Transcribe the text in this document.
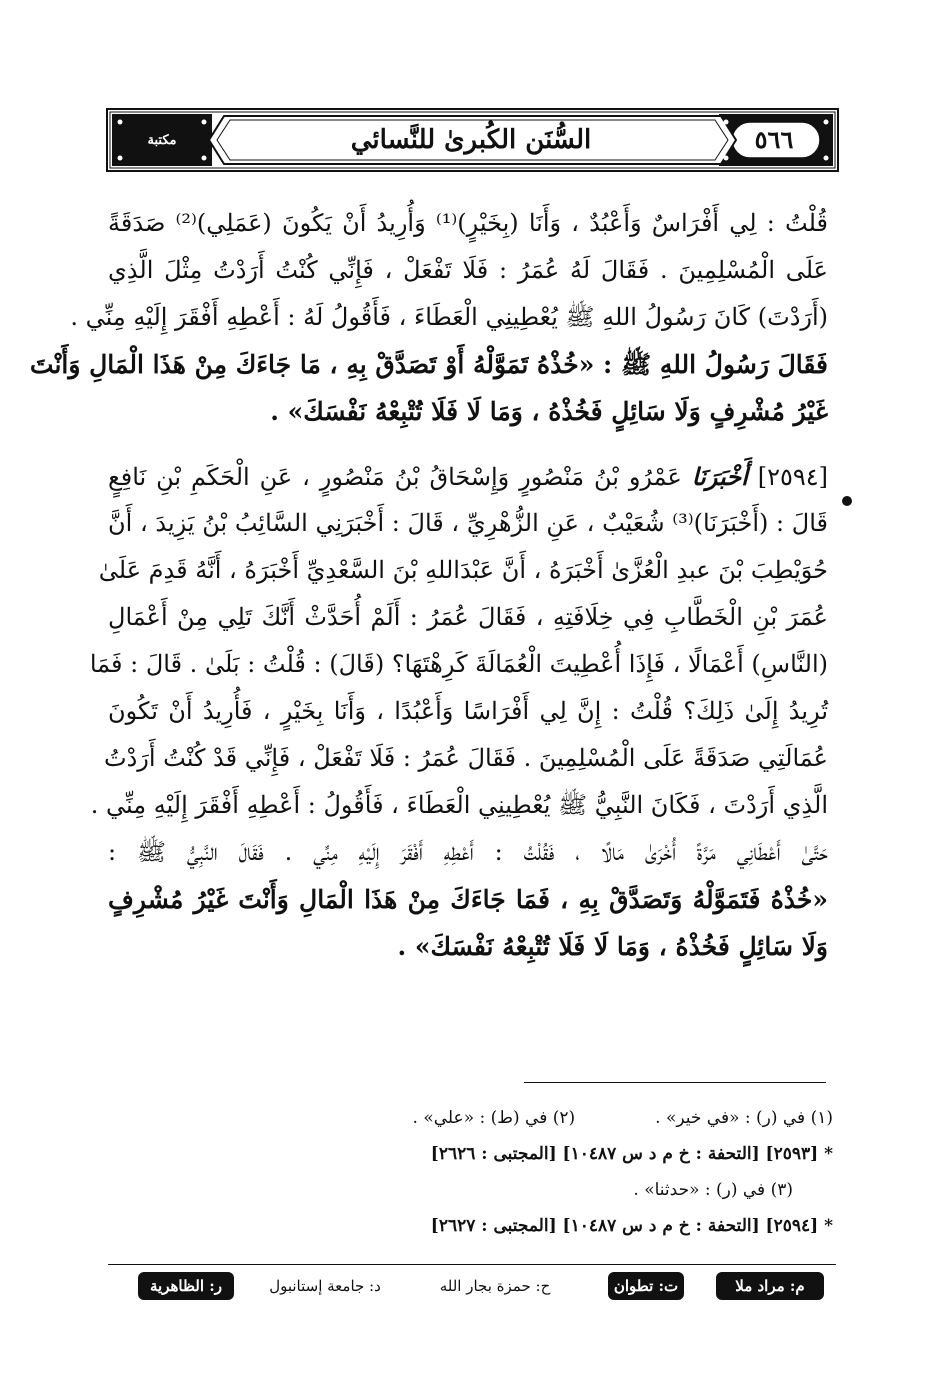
مكتبة	السُّنَن الكُبرىٰ للنَّسائي	٥٦٦
قُلْتُ : لِي أَفْرَاسٌ وَأَعْبُدٌ ، وَأَنَا (بِخَيْرٍ)⁽¹⁾ وَأُرِيدُ أَنْ يَكُونَ (عَمَلِي)⁽²⁾ صَدَقَةً
عَلَى الْمُسْلِمِينَ . فَقَالَ لَهُ عُمَرُ : فَلَا تَفْعَلْ ، فَإِنِّي كُنْتُ أَرَدْتُ مِثْلَ الَّذِي
(أَرَدْتَ) كَانَ رَسُولُ اللهِ ﷺ يُعْطِينِي الْعَطَاءَ ، فَأَقُولُ لَهُ : أَعْطِهِ أَفْقَرَ إِلَيْهِ مِنِّي .
فَقَالَ رَسُولُ اللهِ ﷺ : «خُذْهُ تَمَوَّلْهُ أَوْ تَصَدَّقْ بِهِ ، مَا جَاءَكَ مِنْ هَذَا الْمَالِ وَأَنْتَ
غَيْرُ مُشْرِفٍ وَلَا سَائِلٍ فَخُذْهُ ، وَمَا لَا فَلَا تُتْبِعْهُ نَفْسَكَ» .
[٢٥٩٤] أَخْبَرَنَا عَمْرُو بْنُ مَنْصُورٍ وَإِسْحَاقُ بْنُ مَنْصُورٍ ، عَنِ الْحَكَمِ بْنِ نَافِعٍ
قَالَ : (أَخْبَرَنَا)⁽³⁾ شُعَيْبٌ ، عَنِ الزُّهْرِيِّ ، قَالَ : أَخْبَرَنِي السَّائِبُ بْنُ يَزِيدَ ، أَنَّ
حُوَيْطِبَ بْنَ عبدِ الْعُزَّىٰ أَخْبَرَهُ ، أَنَّ عَبْدَاللهِ بْنَ السَّعْدِيِّ أَخْبَرَهُ ، أَنَّهُ قَدِمَ عَلَىٰ
عُمَرَ بْنِ الْخَطَّابِ فِي خِلَافَتِهِ ، فَقَالَ عُمَرُ : أَلَمْ أُحَدَّثْ أَنَّكَ تَلِي مِنْ أَعْمَالِ
(النَّاسِ) أَعْمَالًا ، فَإِذَا أُعْطِيتَ الْعُمَالَةَ كَرِهْتَهَا؟ (قَالَ) : قُلْتُ : بَلَىٰ . قَالَ : فَمَا
تُرِيدُ إِلَىٰ ذَلِكَ؟ قُلْتُ : إِنَّ لِي أَفْرَاسًا وَأَعْبُدًا ، وَأَنَا بِخَيْرٍ ، فَأُرِيدُ أَنْ تَكُونَ
عُمَالَتِي صَدَقَةً عَلَى الْمُسْلِمِينَ . فَقَالَ عُمَرُ : فَلَا تَفْعَلْ ، فَإِنِّي قَدْ كُنْتُ أَرَدْتُ
الَّذِي أَرَدْتَ ، فَكَانَ النَّبِيُّ ﷺ يُعْطِينِي الْعَطَاءَ ، فَأَقُولُ : أَعْطِهِ أَفْقَرَ إِلَيْهِ مِنِّي .
حَتَّىٰ أَعْطَانِي مَرَّةً أُخْرَىٰ مَالًا ، فَقُلْتُ : أَعْطِهِ أَفْقَرَ إِلَيْهِ مِنِّي . فَقَالَ النَّبِيُّ ﷺ :
«خُذْهُ فَتَمَوَّلْهُ وَتَصَدَّقْ بِهِ ، فَمَا جَاءَكَ مِنْ هَذَا الْمَالِ وَأَنْتَ غَيْرُ مُشْرِفٍ
وَلَا سَائِلٍ فَخُذْهُ ، وَمَا لَا فَلَا تُتْبِعْهُ نَفْسَكَ» .
(١) في (ر) : «في خير» .
(٢) في (ط) : «علي» .
* [٢٥٩٣] [التحفة : خ م د س ١٠٤٨٧] [المجتبى : ٢٦٢٦]
(٣) في (ر) : «حدثنا» .
* [٢٥٩٤] [التحفة : خ م د س ١٠٤٨٧] [المجتبى : ٢٦٢٧]
م: مراد ملا
ت: تطوان
ح: حمزة بجار الله
د: جامعة إستانبول
ر: الظاهرية
